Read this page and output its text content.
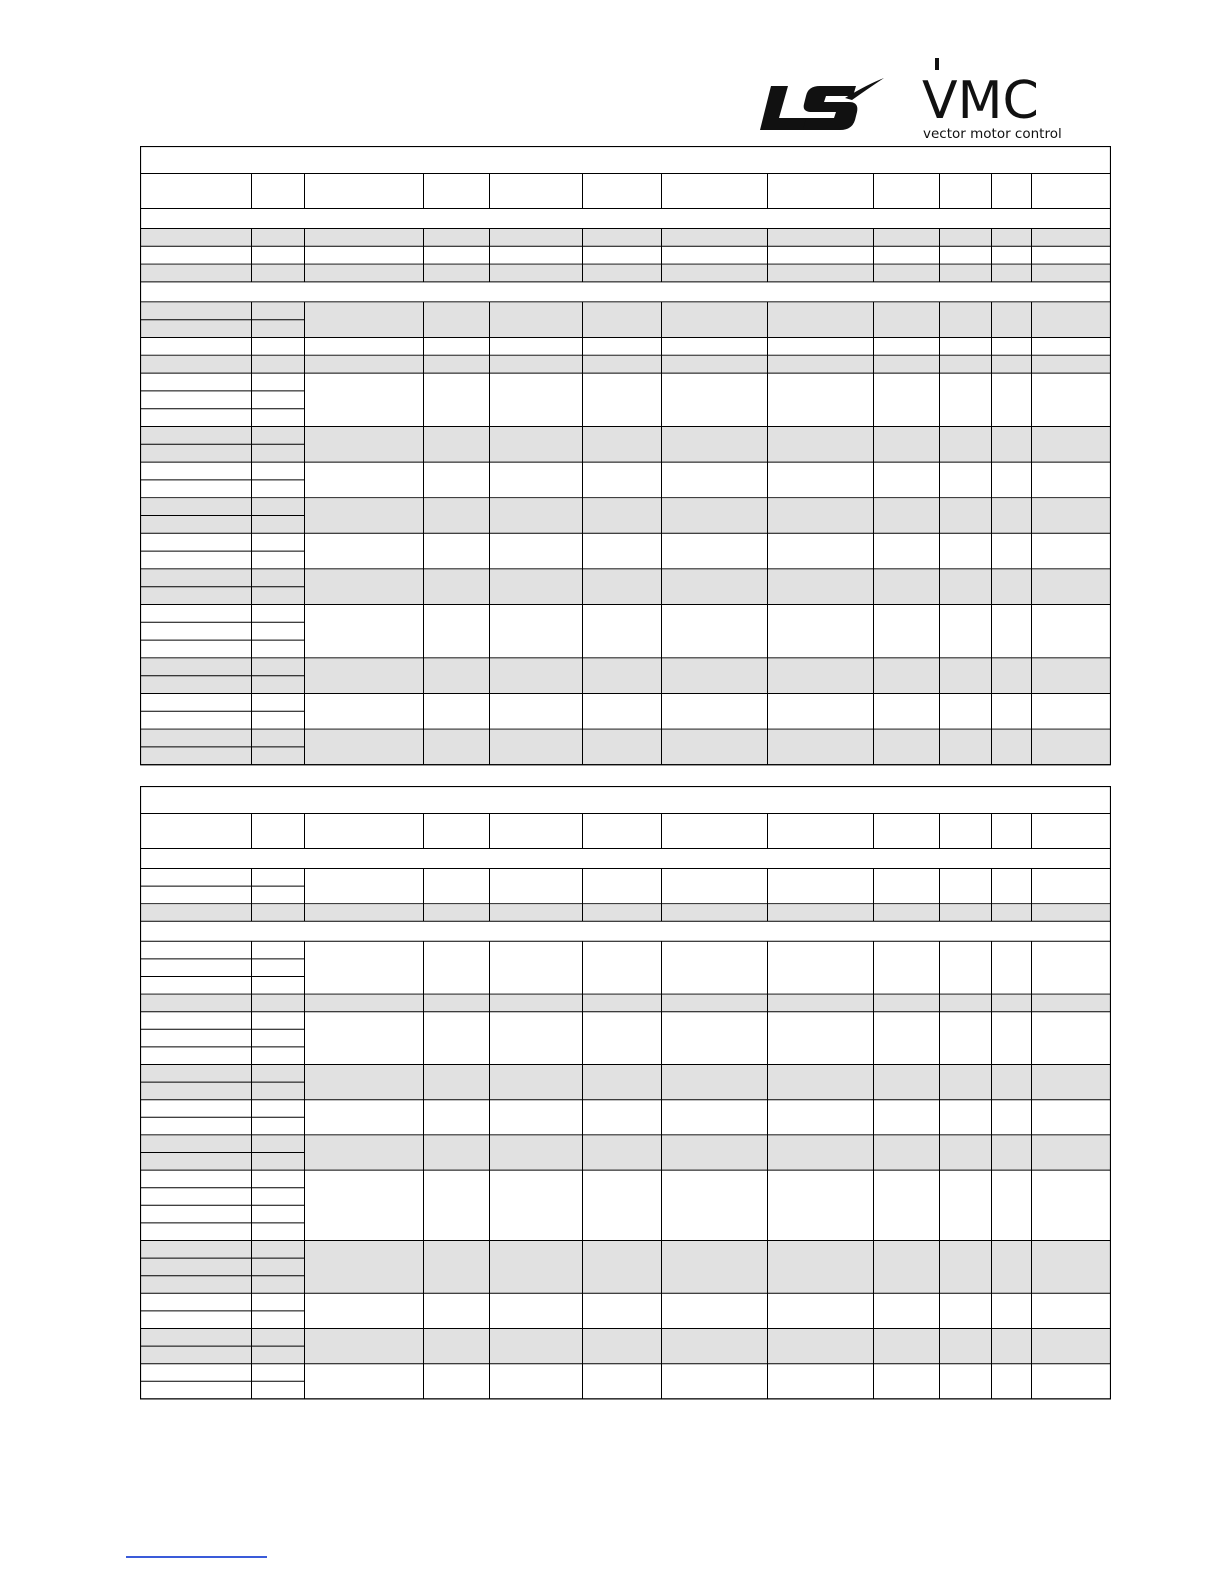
VMC
vector motor control
